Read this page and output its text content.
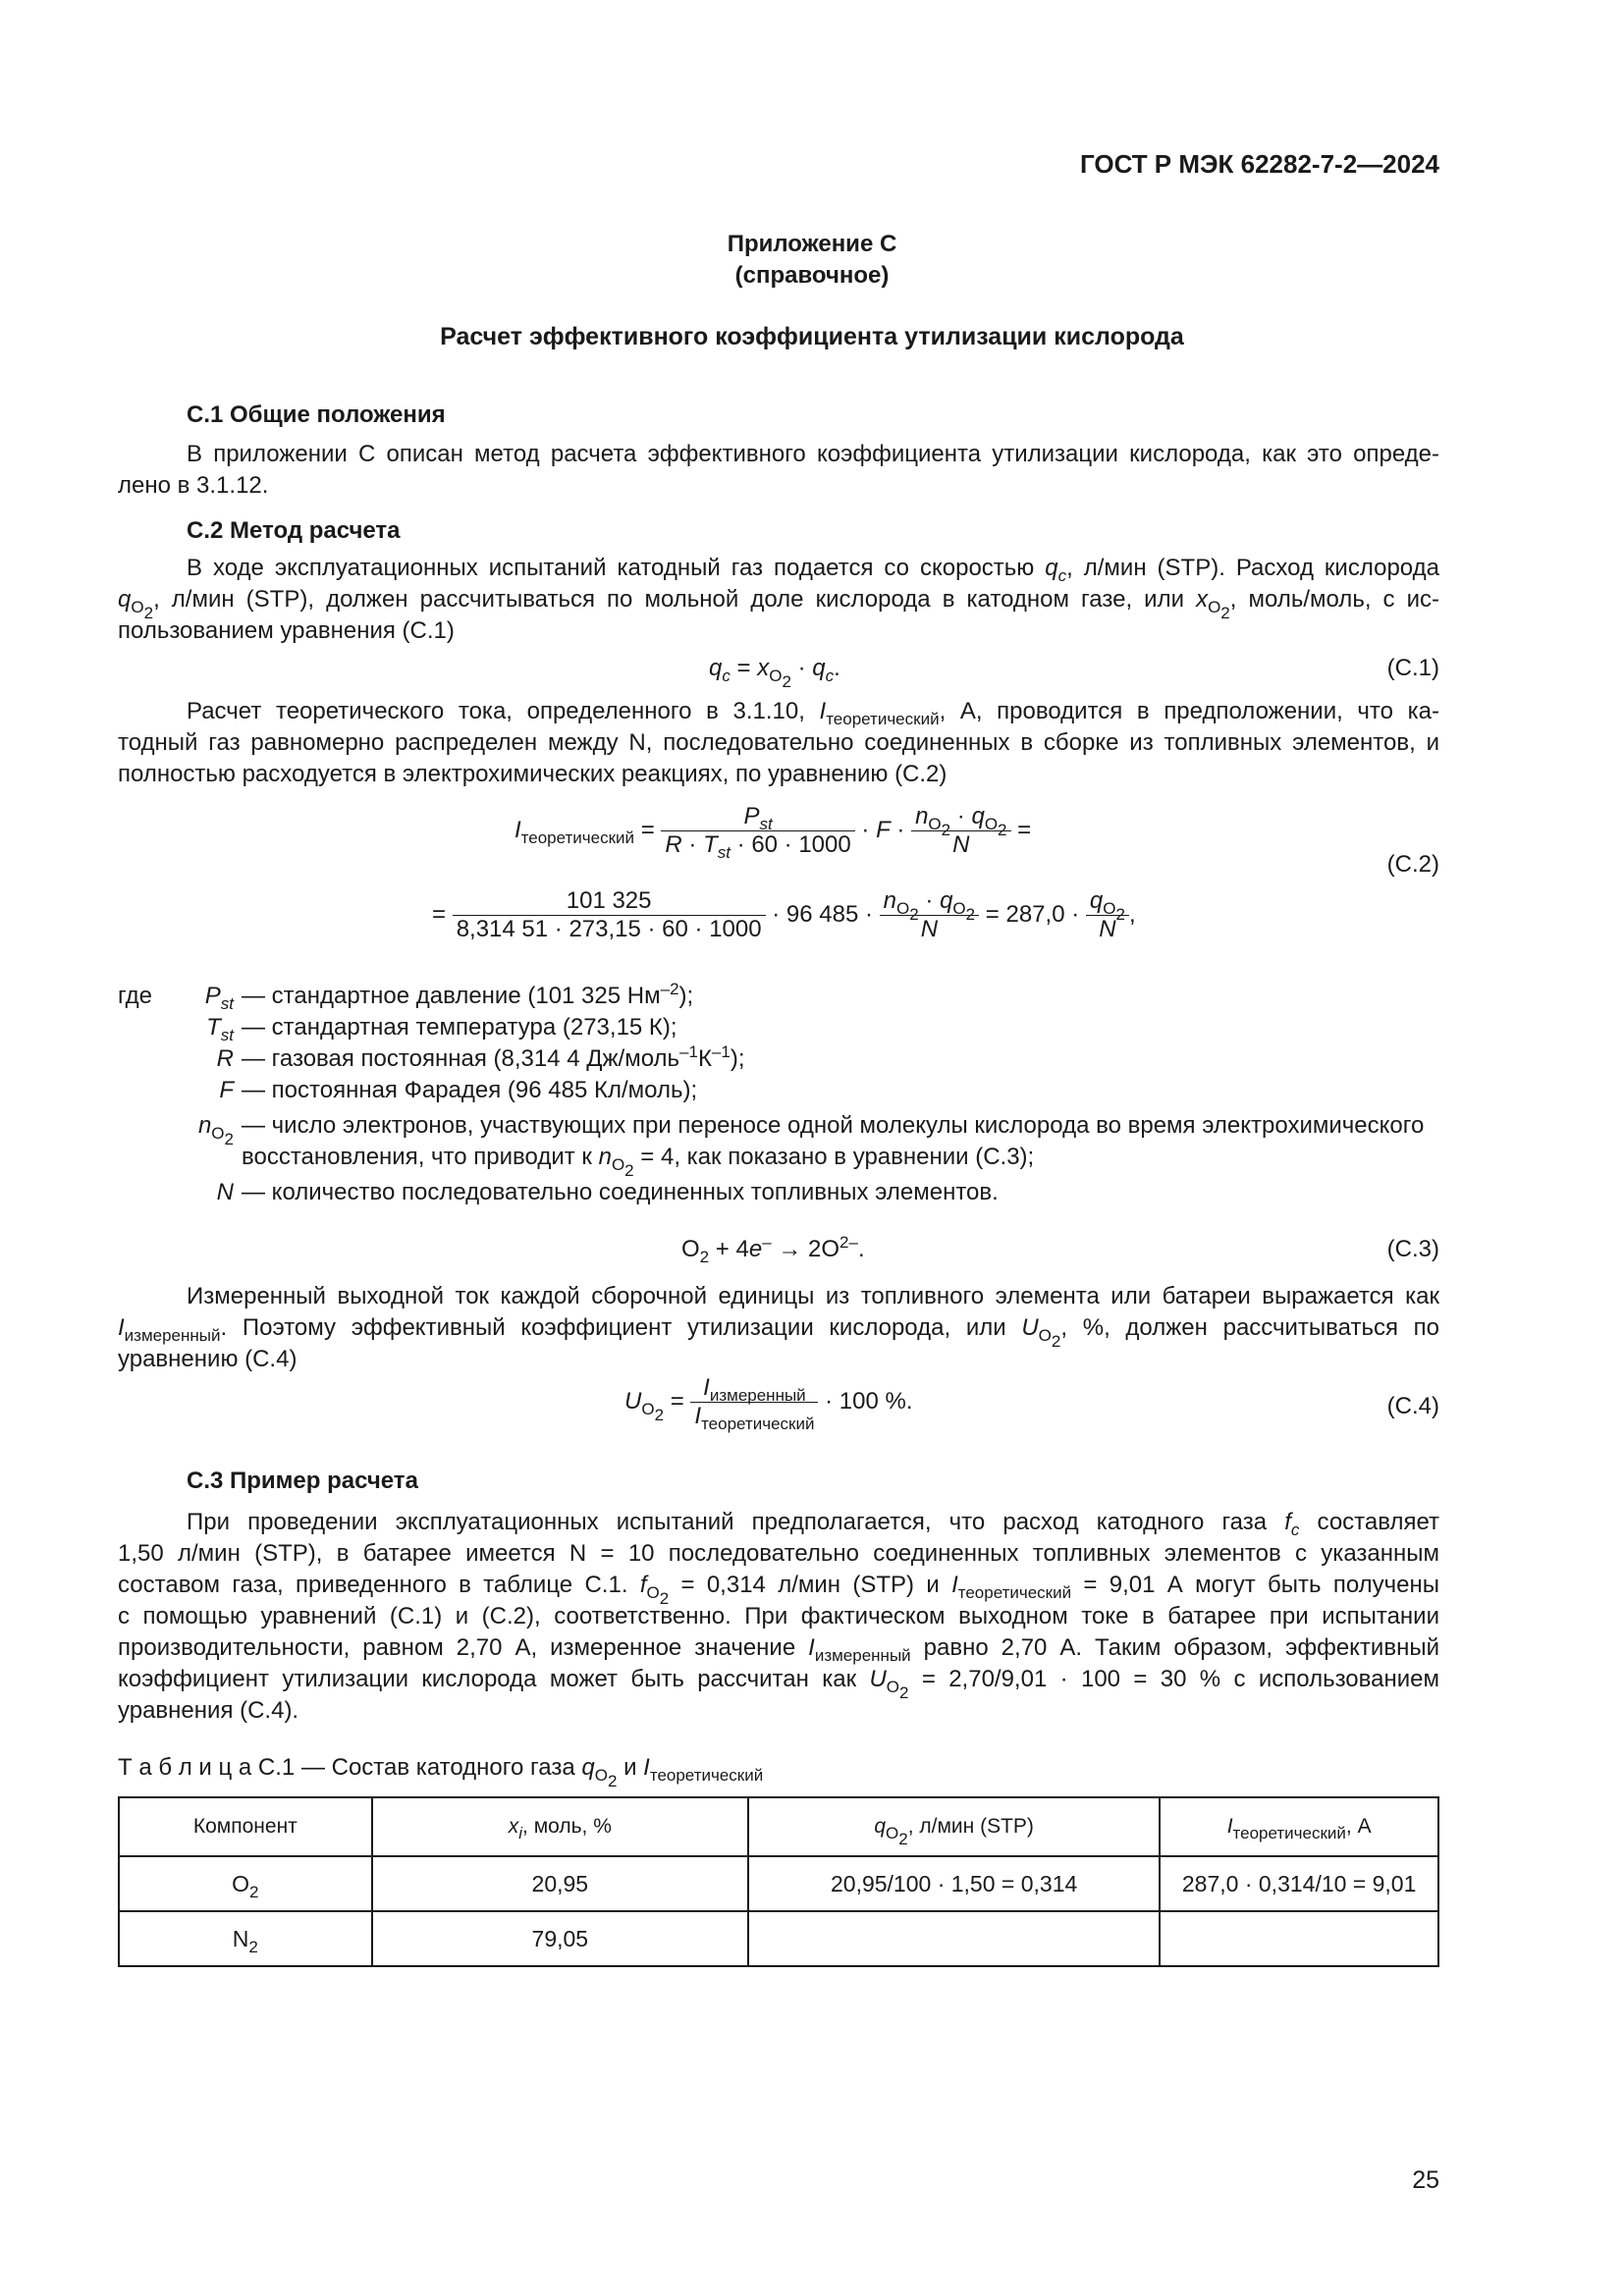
ГОСТ Р МЭК 62282-7-2—2024
Приложение С
(справочное)
Расчет эффективного коэффициента утилизации кислорода
С.1 Общие положения
В приложении С описан метод расчета эффективного коэффициента утилизации кислорода, как это опреде-
лено в 3.1.12.
С.2 Метод расчета
В ходе эксплуатационных испытаний катодный газ подается со скоростью $q_c$, л/мин (STP). Расход кислорода
$q_{O_2}$, л/мин (STP), должен рассчитываться по мольной доле кислорода в катодном газе, или $x_{O_2}$, моль/моль, с ис-
пользованием уравнения (С.1)
$q_c = x_{O_2} \cdot q_c$.	(С.1)
Расчет теоретического тока, определенного в 3.1.10, $I_{теоретический}$, А, проводится в предположении, что ка-
тодный газ равномерно распределен между N, последовательно соединенных в сборке из топливных элементов, и
полностью расходуется в электрохимических реакциях, по уравнению (С.2)
$I_{теоретический} = \frac{P_{st}}{R \cdot T_{st} \cdot 60 \cdot 1000} \cdot F \cdot \frac{n_{O_2} \cdot q_{O_2}}{N}$ =
(С.2)
= $\frac{101 325}{8,314 51 \cdot 273,15 \cdot 60 \cdot 1000} \cdot 96$ $485 \cdot \frac{n_{O_2} \cdot q_{O_2}}{N} = 287,0 \cdot \frac{q_{O_2}}{N}$ ,
где	$P_{st}$ — стандартное давление (101 325 $Нм^{-2}$);
$T_{st}$ — стандартная температура (273,15 К);
R — газовая постоянная (8,314 4 $Дж/моль^{-1}К^{-1}$);
F — постоянная Фарадея (96 485 Кл/моль);
$n_{O_2}$
— число электронов, участвующих при переносе одной молекулы кислорода во время электрохимического
восстановления, что приводит к $n_{O_2} = 4$, как показано в уравнении (С.3);
N — количество последовательно соединенных топливных элементов.
$O_2 + 4e^- \to 2O^{2-}$.	(С.3)
Измеренный выходной ток каждой сборочной единицы из топливного элемента или батареи выражается как
$I_{измеренный}$. Поэтому эффективный коэффициент утилизации кислорода, или $U_{O_2}$, %, должен рассчитываться по
уравнению (С.4)
$U_{O_2} = \frac{I_{измеренный}}{I_{теоретический}} \cdot 100$ %.	(С.4)
С.3 Пример расчета
При проведении эксплуатационных испытаний предполагается, что расход катодного газа $f_c$ составляет
1,50 л/мин (STP), в батарее имеется N = 10 последовательно соединенных топливных элементов с указанным
составом газа, приведенного в таблице С.1. $f_{O_2} = 0,314$ л/мин (STP) и $I_{теоретический} = 9,01$ А могут быть получены
с помощью уравнений (С.1) и (С.2), соответственно. При фактическом выходном токе в батарее при испытании
производительности, равном 2,70 А, измеренное значение $I_{измеренный}$ равно 2,70 А. Таким образом, эффективный
коэффициент утилизации кислорода может быть рассчитан как $U_{O_2} = 2,70/9,01 \cdot 100 = 30$ % с использованием
уравнения (С.4).
Т а б л и ц а С.1 — Состав катодного газа $q_{O_2}$ и $I_{теоретический}$
Компонент	$x_i$, моль, %	$q_{O_2}$, л/мин (STP)	$I_{теоретический}$, А
$O_2$	20,95	20,95/100 · 1,50 = 0,314	287,0 · 0,314/10 = 9,01
$N_2$	79,05		
25
